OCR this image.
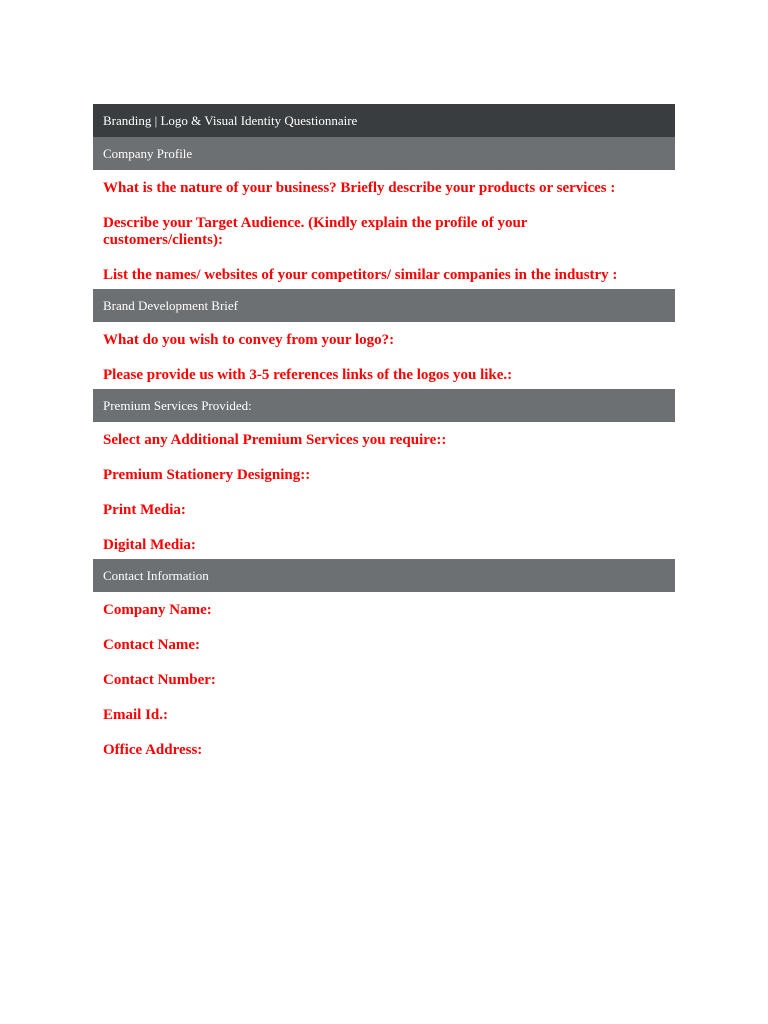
Branding | Logo & Visual Identity Questionnaire
Company Profile
What is the nature of your business? Briefly describe your products or services :
Describe your Target Audience. (Kindly explain the profile of your customers/clients):
List the names/ websites of your competitors/ similar companies in the industry :
Brand Development Brief
What do you wish to convey from your logo?:
Please provide us with 3-5 references links of the logos you like.:
Premium Services Provided:
Select any Additional Premium Services you require::
Premium Stationery Designing::
Print Media:
Digital Media:
Contact Information
Company Name:
Contact Name:
Contact Number:
Email Id.:
Office Address:
